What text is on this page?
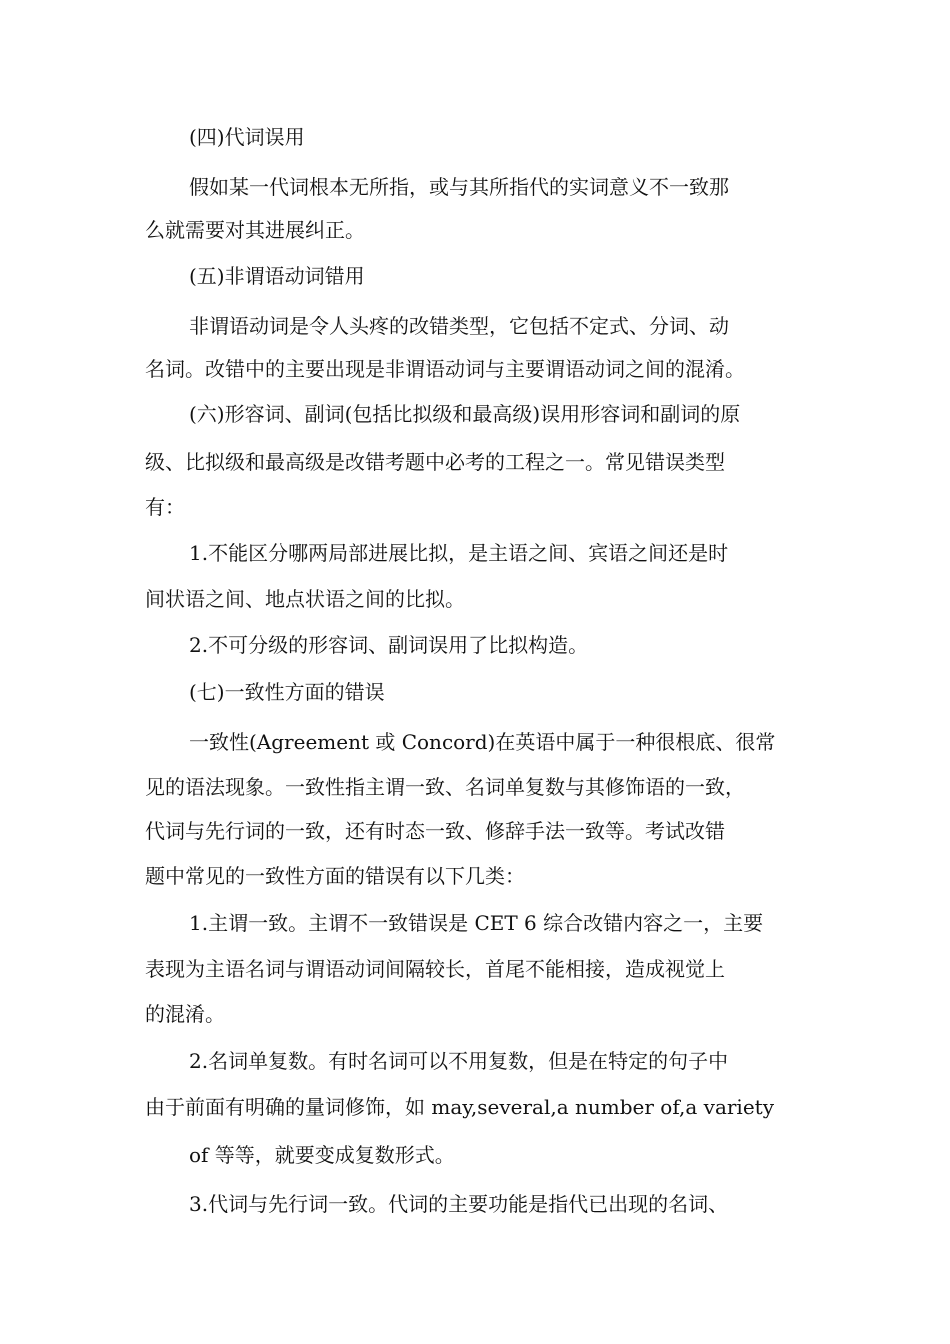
(四)代词误用
假如某一代词根本无所指，或与其所指代的实词意义不一致那
么就需要对其进展纠正。
(五)非谓语动词错用
非谓语动词是令人头疼的改错类型，它包括不定式、分词、动
名词。改错中的主要出现是非谓语动词与主要谓语动词之间的混淆。
(六)形容词、副词(包括比拟级和最高级)误用形容词和副词的原
级、比拟级和最高级是改错考题中必考的工程之一。常见错误类型
有：
1.不能区分哪两局部进展比拟，是主语之间、宾语之间还是时
间状语之间、地点状语之间的比拟。
2.不可分级的形容词、副词误用了比拟构造。
(七)一致性方面的错误
一致性(Agreement 或 Concord)在英语中属于一种很根底、很常
见的语法现象。一致性指主谓一致、名词单复数与其修饰语的一致，
代词与先行词的一致，还有时态一致、修辞手法一致等。考试改错
题中常见的一致性方面的错误有以下几类：
1.主谓一致。主谓不一致错误是 CET 6 综合改错内容之一，主要
表现为主语名词与谓语动词间隔较长，首尾不能相接，造成视觉上
的混淆。
2.名词单复数。有时名词可以不用复数，但是在特定的句子中
由于前面有明确的量词修饰，如 may,several,a number of,a variety
of 等等，就要变成复数形式。
3.代词与先行词一致。代词的主要功能是指代已出现的名词、
